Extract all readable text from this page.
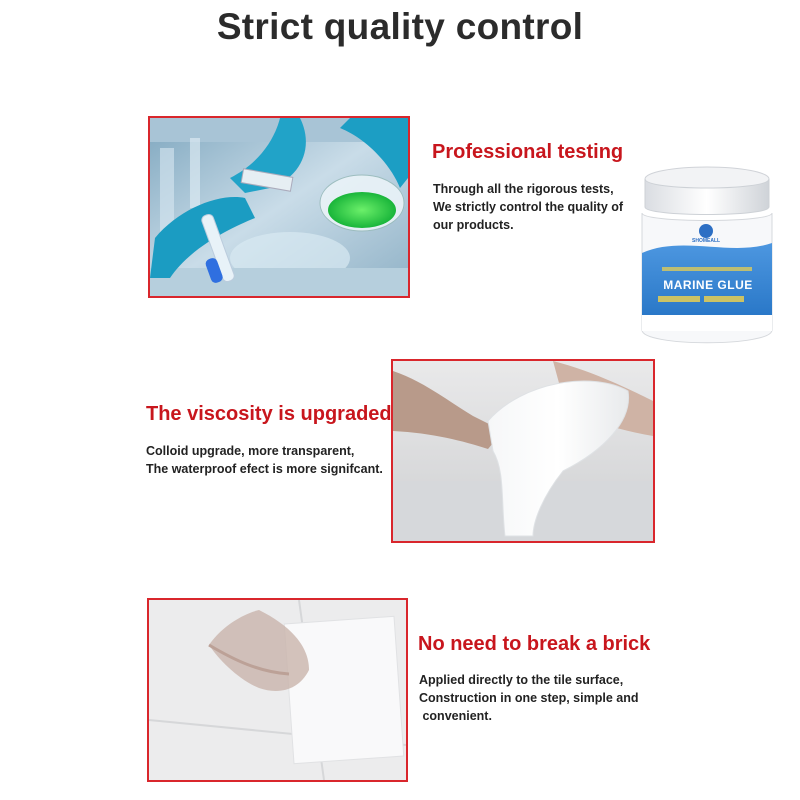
Strict quality control
Professional testing
Through all the rigorous tests,
We strictly control the quality of
our products.
SHOMEALL
MARINE GLUE
The viscosity is upgraded
Colloid upgrade, more transparent,
The waterproof efect is more signifcant.
No need to break a brick
Applied directly to the tile surface,
Construction in one step, simple and
convenient.
